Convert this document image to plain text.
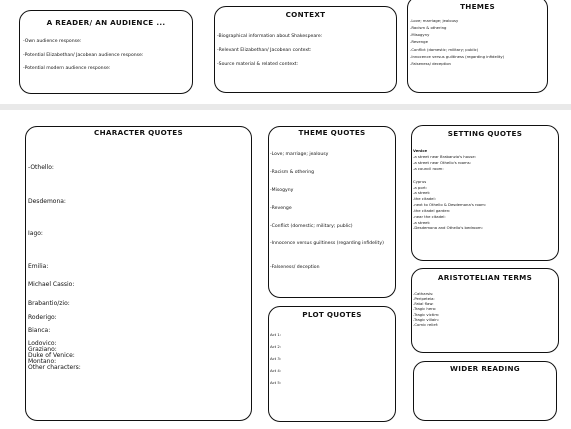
A READER/ AN AUDIENCE ...
-Own audience response:
-Potential Elizabethan/ Jacobean audience response:
-Potential modern audience response:
CONTEXT
-Biographical information about Shakespeare:
-Relevant Elizabethan/ Jacobean context:
-Source material & related context:
THEMES
-Love; marriage; jealousy
-Racism & othering
-Misogyny
-Revenge
-Conflict (domestic; military; public)
-Innocence versus guiltiness (regarding infidelity)
-Falseness/ deception
CHARACTER QUOTES
-Othello:
Desdemona:
Iago:
Emilia:
Michael Cassio:
Brabantio/zio:
Roderigo:
Bianca:
Lodovico:
Graziano:
Duke of Venice:
Montano:
Other characters:
THEME QUOTES
-Love; marriage; jealousy
-Racism & othering
-Misogyny
-Revenge
-Conflict (domestic; military; public)
-Innocence versus guiltiness (regarding infidelity)
-Falseness/ deception
PLOT QUOTES
Act 1:
Act 2:
Act 3:
Act 4:
Act 5:
SETTING QUOTES
Venice
-a street near Brabanzio's house:
-a street near Othello's rooms:
-a council room:
Cyprus
-a port:
-a street:
-the citadel:
-next to Othello & Desdemona's room:
-the citadel garden:
-near the citadel:
-a street:
-Desdemona and Othello's bedroom:
ARISTOTELIAN TERMS
-Catharsis:
-Peripeteia:
-Fatal flaw:
-Tragic hero:
-Tragic victim:
-Tragic villain:
-Comic relief:
WIDER READING
